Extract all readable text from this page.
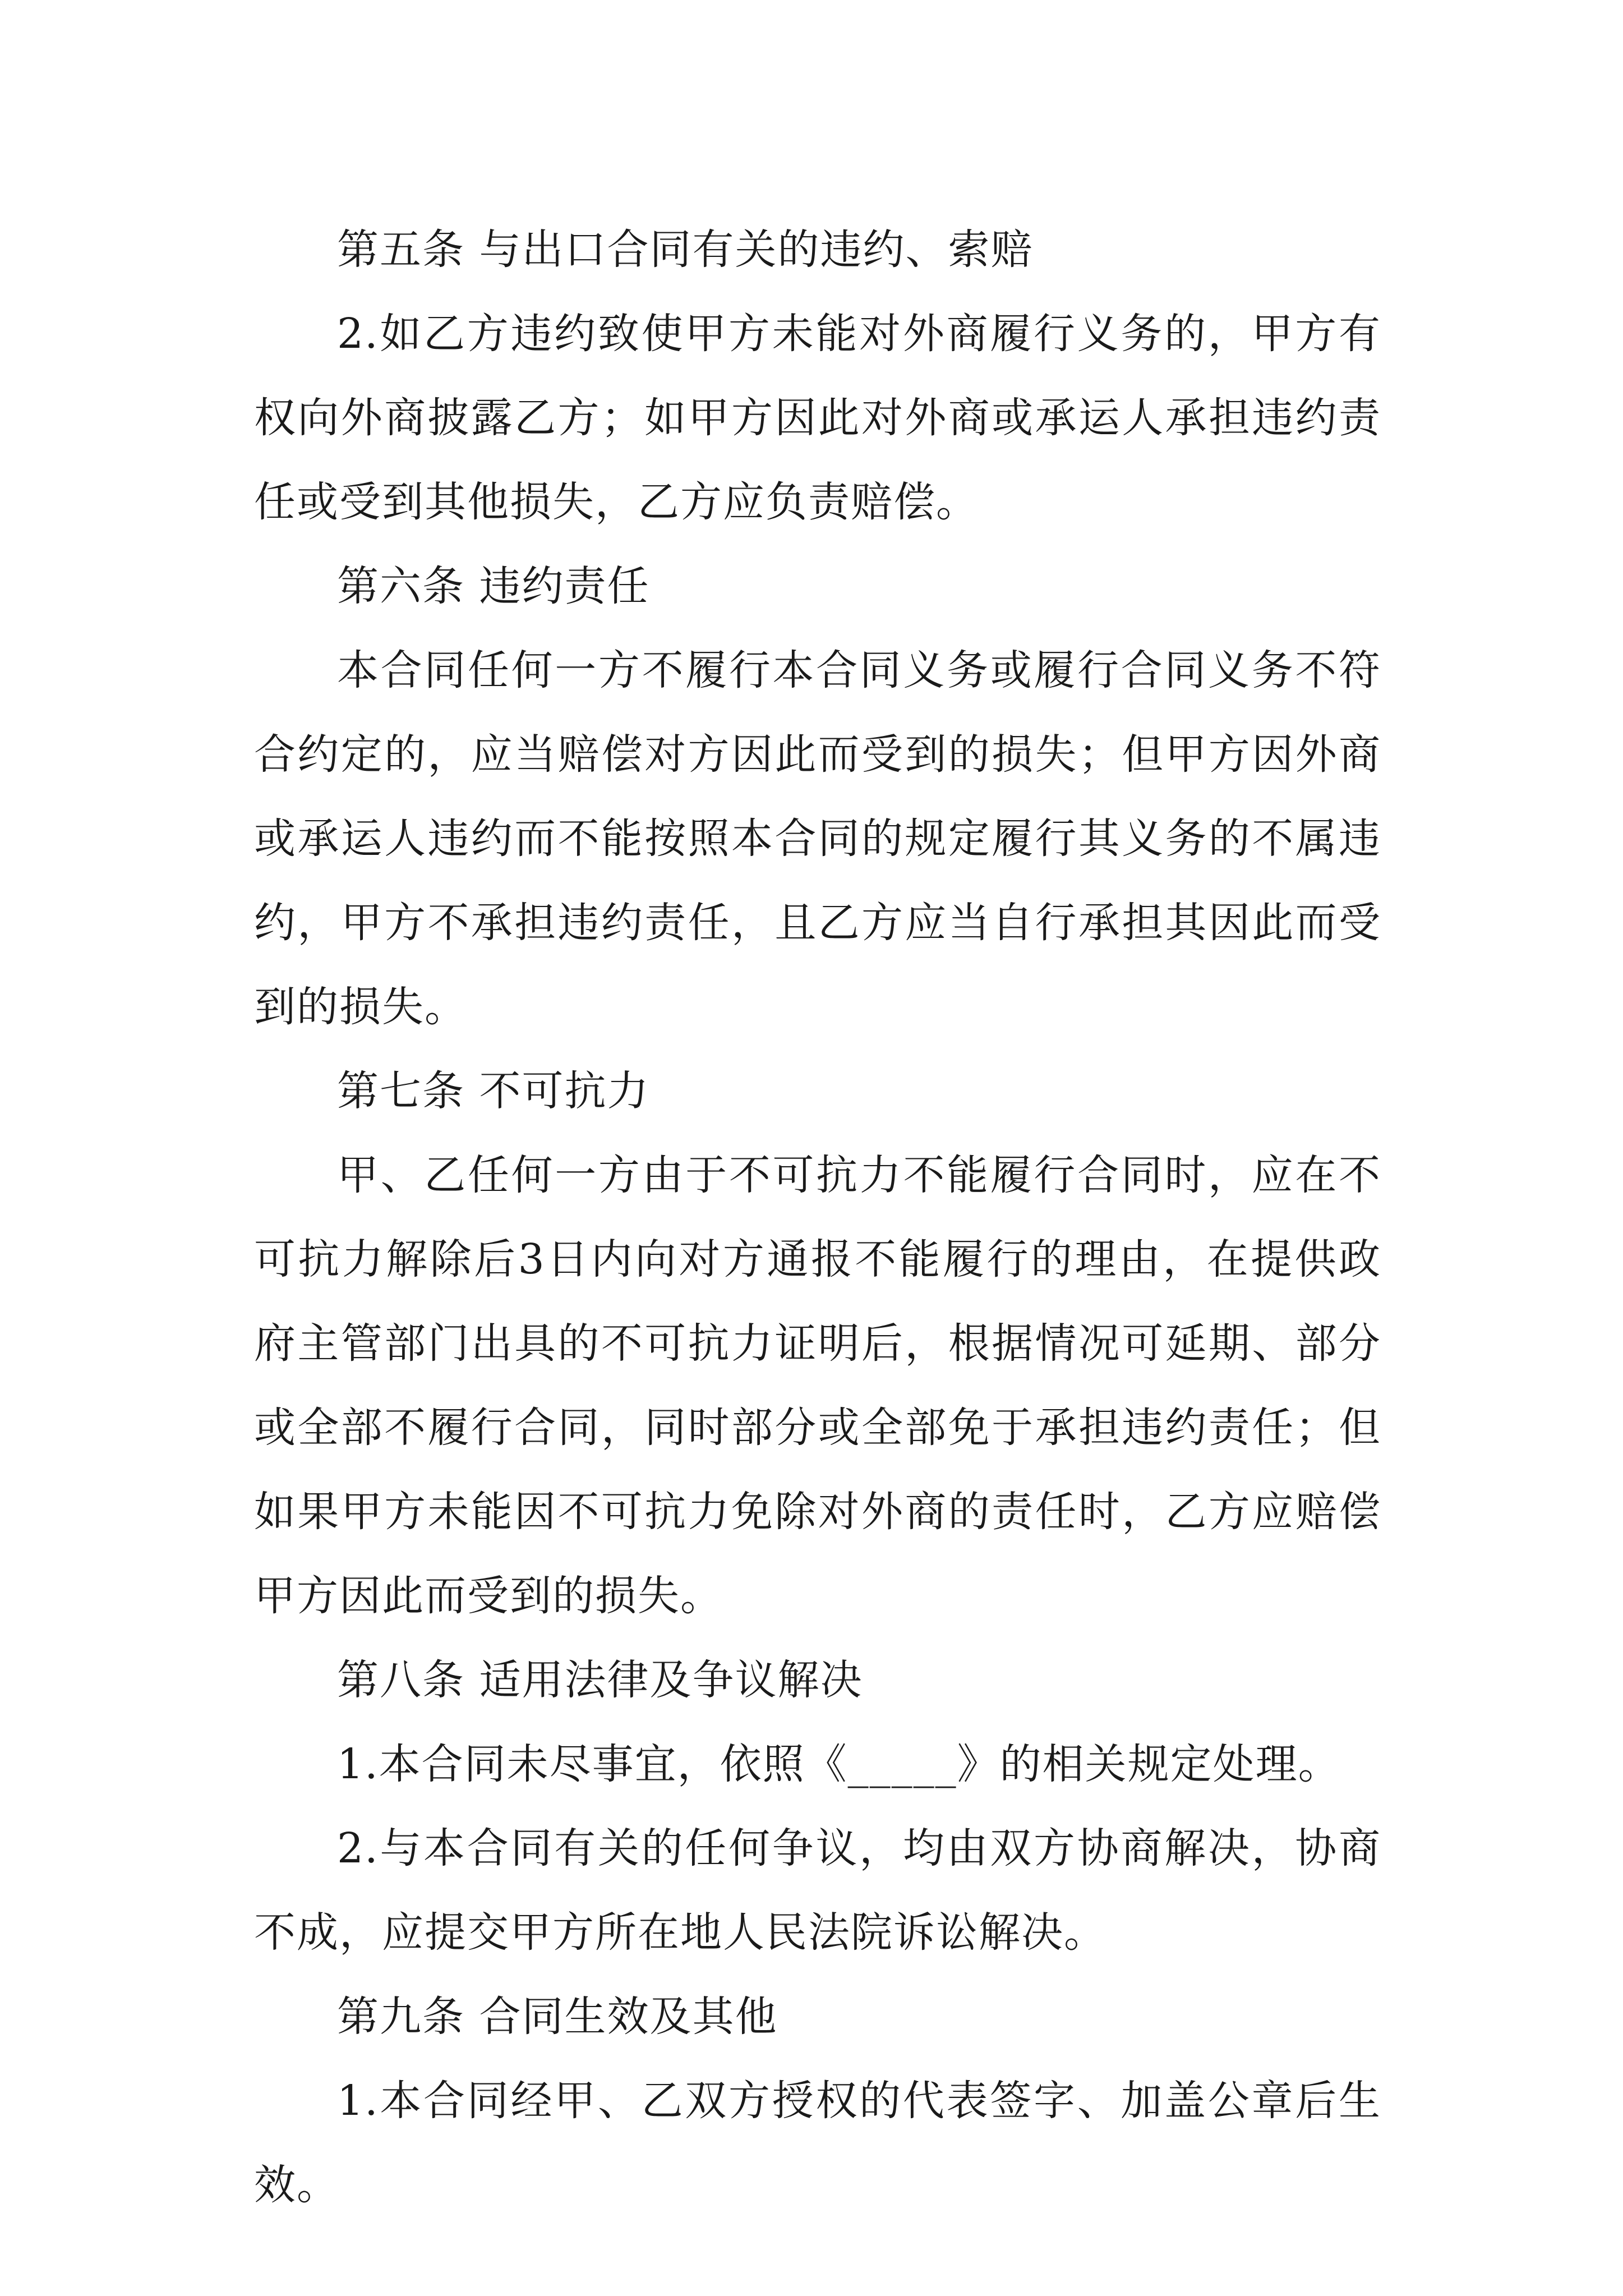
第五条 与出口合同有关的违约、索赔

2.如乙方违约致使甲方未能对外商履行义务的，甲方有权向外商披露乙方；如甲方因此对外商或承运人承担违约责任或受到其他损失，乙方应负责赔偿。

第六条 违约责任

本合同任何一方不履行本合同义务或履行合同义务不符合约定的，应当赔偿对方因此而受到的损失；但甲方因外商或承运人违约而不能按照本合同的规定履行其义务的不属违约，甲方不承担违约责任，且乙方应当自行承担其因此而受到的损失。

第七条 不可抗力

甲、乙任何一方由于不可抗力不能履行合同时，应在不可抗力解除后3日内向对方通报不能履行的理由，在提供政府主管部门出具的不可抗力证明后，根据情况可延期、部分或全部不履行合同，同时部分或全部免于承担违约责任；但如果甲方未能因不可抗力免除对外商的责任时，乙方应赔偿甲方因此而受到的损失。

第八条 适用法律及争议解决

1.本合同未尽事宜，依照《_____》的相关规定处理。

2.与本合同有关的任何争议，均由双方协商解决，协商不成，应提交甲方所在地人民法院诉讼解决。

第九条 合同生效及其他

1.本合同经甲、乙双方授权的代表签字、加盖公章后生效。
